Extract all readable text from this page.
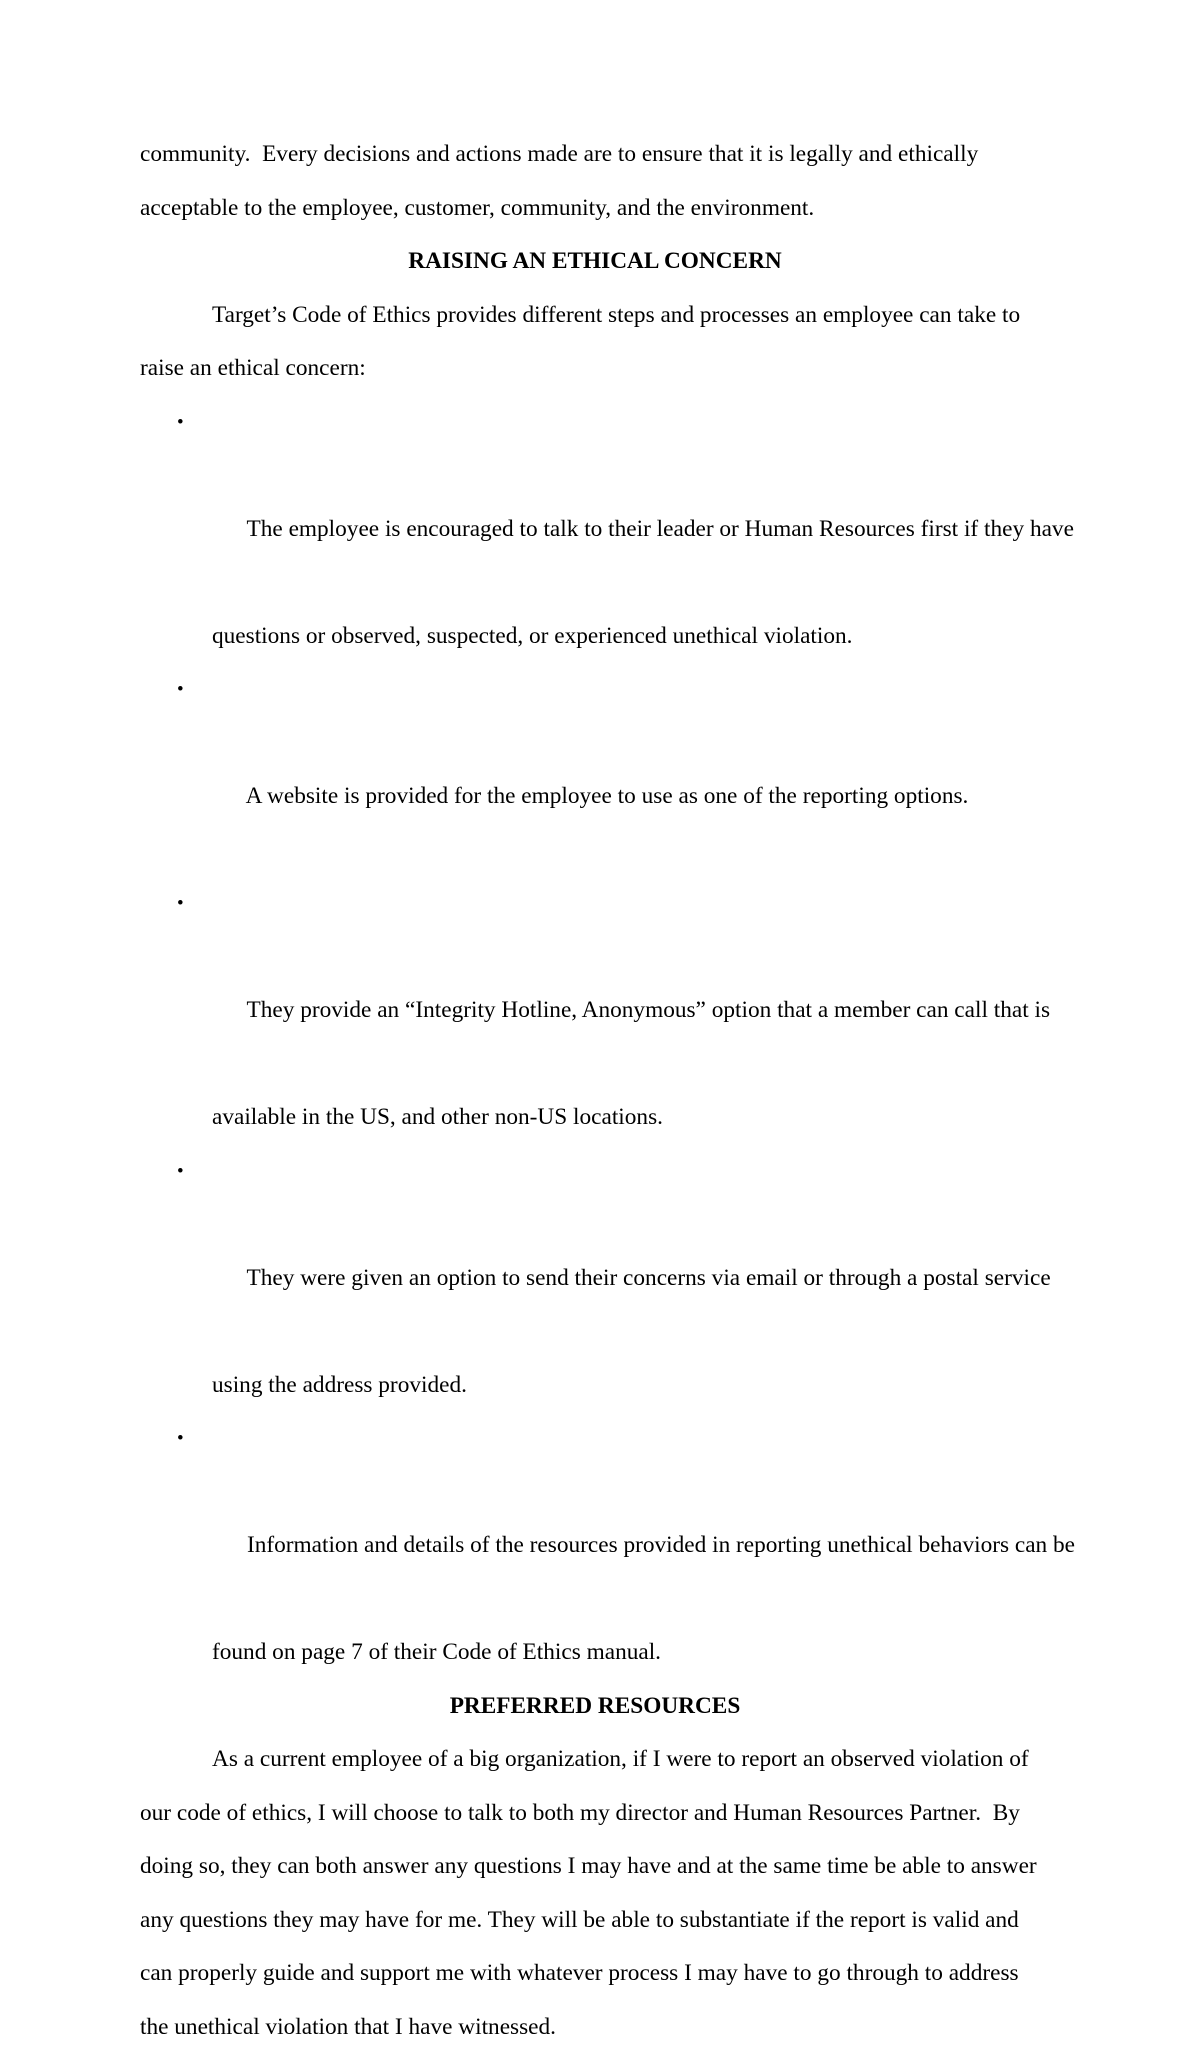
community.  Every decisions and actions made are to ensure that it is legally and ethically
acceptable to the employee, customer, community, and the environment.
RAISING AN ETHICAL CONCERN
Target’s Code of Ethics provides different steps and processes an employee can take to
raise an ethical concern:

•

The employee is encouraged to talk to their leader or Human Resources first if they have

questions or observed, suspected, or experienced unethical violation.

•

A website is provided for the employee to use as one of the reporting options.

•

They provide an “Integrity Hotline, Anonymous” option that a member can call that is

available in the US, and other non-US locations.

•

They were given an option to send their concerns via email or through a postal service

using the address provided.

•

Information and details of the resources provided in reporting unethical behaviors can be

found on page 7 of their Code of Ethics manual.
PREFERRED RESOURCES
As a current employee of a big organization, if I were to report an observed violation of
our code of ethics, I will choose to talk to both my director and Human Resources Partner.  By
doing so, they can both answer any questions I may have and at the same time be able to answer
any questions they may have for me. They will be able to substantiate if the report is valid and
can properly guide and support me with whatever process I may have to go through to address
the unethical violation that I have witnessed.
